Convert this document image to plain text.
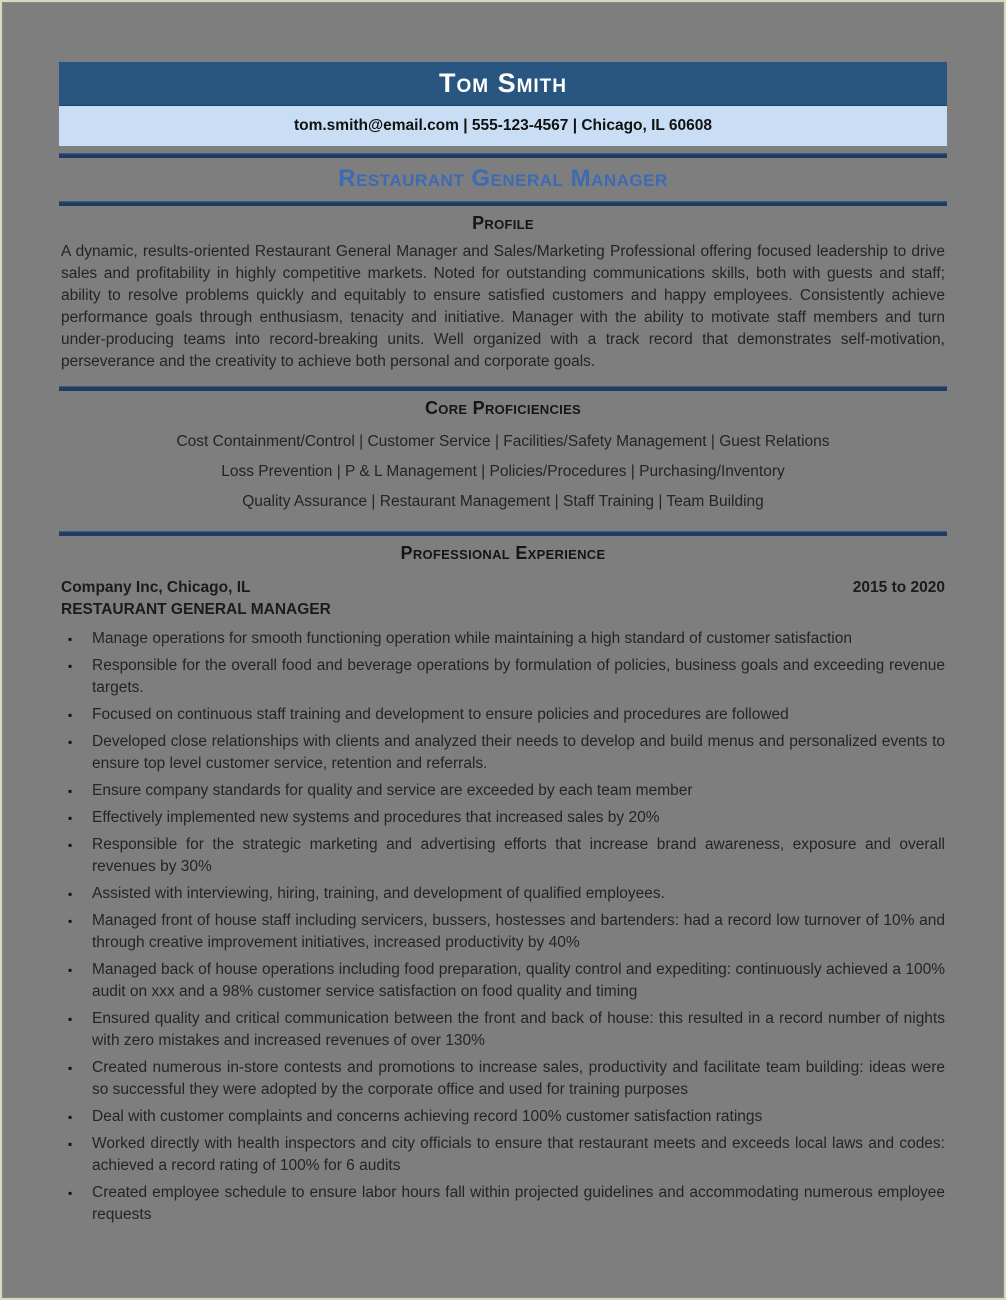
Tom Smith
tom.smith@email.com | 555-123-4567 | Chicago, IL 60608
Restaurant General Manager
Profile

A dynamic, results-oriented Restaurant General Manager and Sales/Marketing Professional offering focused leadership to drive sales and profitability in highly competitive markets. Noted for outstanding communications skills, both with guests and staff; ability to resolve problems quickly and equitably to ensure satisfied customers and happy employees. Consistently achieve performance goals through enthusiasm, tenacity and initiative. Manager with the ability to motivate staff members and turn under-producing teams into record-breaking units. Well organized with a track record that demonstrates self-motivation, perseverance and the creativity to achieve both personal and corporate goals.

Core Proficiencies
Cost Containment/Control | Customer Service | Facilities/Safety Management | Guest Relations
Loss Prevention | P & L Management | Policies/Procedures | Purchasing/Inventory
Quality Assurance | Restaurant Management | Staff Training | Team Building
Professional Experience
Company Inc, Chicago, IL	2015 to 2020
RESTAURANT GENERAL MANAGER
▪ Manage operations for smooth functioning operation while maintaining a high standard of customer satisfaction
▪ Responsible for the overall food and beverage operations by formulation of policies, business goals and exceeding revenue targets.
▪ Focused on continuous staff training and development to ensure policies and procedures are followed
▪ Developed close relationships with clients and analyzed their needs to develop and build menus and personalized events to ensure top level customer service, retention and referrals.
▪ Ensure company standards for quality and service are exceeded by each team member
▪ Effectively implemented new systems and procedures that increased sales by 20%
▪ Responsible for the strategic marketing and advertising efforts that increase brand awareness, exposure and overall revenues by 30%
▪ Assisted with interviewing, hiring, training, and development of qualified employees.
▪ Managed front of house staff including servicers, bussers, hostesses and bartenders: had a record low turnover of 10% and through creative improvement initiatives, increased productivity by 40%
▪ Managed back of house operations including food preparation, quality control and expediting: continuously achieved a 100% audit on xxx and a 98% customer service satisfaction on food quality and timing
▪ Ensured quality and critical communication between the front and back of house: this resulted in a record number of nights with zero mistakes and increased revenues of over 130%
▪ Created numerous in-store contests and promotions to increase sales, productivity and facilitate team building: ideas were so successful they were adopted by the corporate office and used for training purposes
▪ Deal with customer complaints and concerns achieving record 100% customer satisfaction ratings
▪ Worked directly with health inspectors and city officials to ensure that restaurant meets and exceeds local laws and codes: achieved a record rating of 100% for 6 audits
▪ Created employee schedule to ensure labor hours fall within projected guidelines and accommodating numerous employee requests
